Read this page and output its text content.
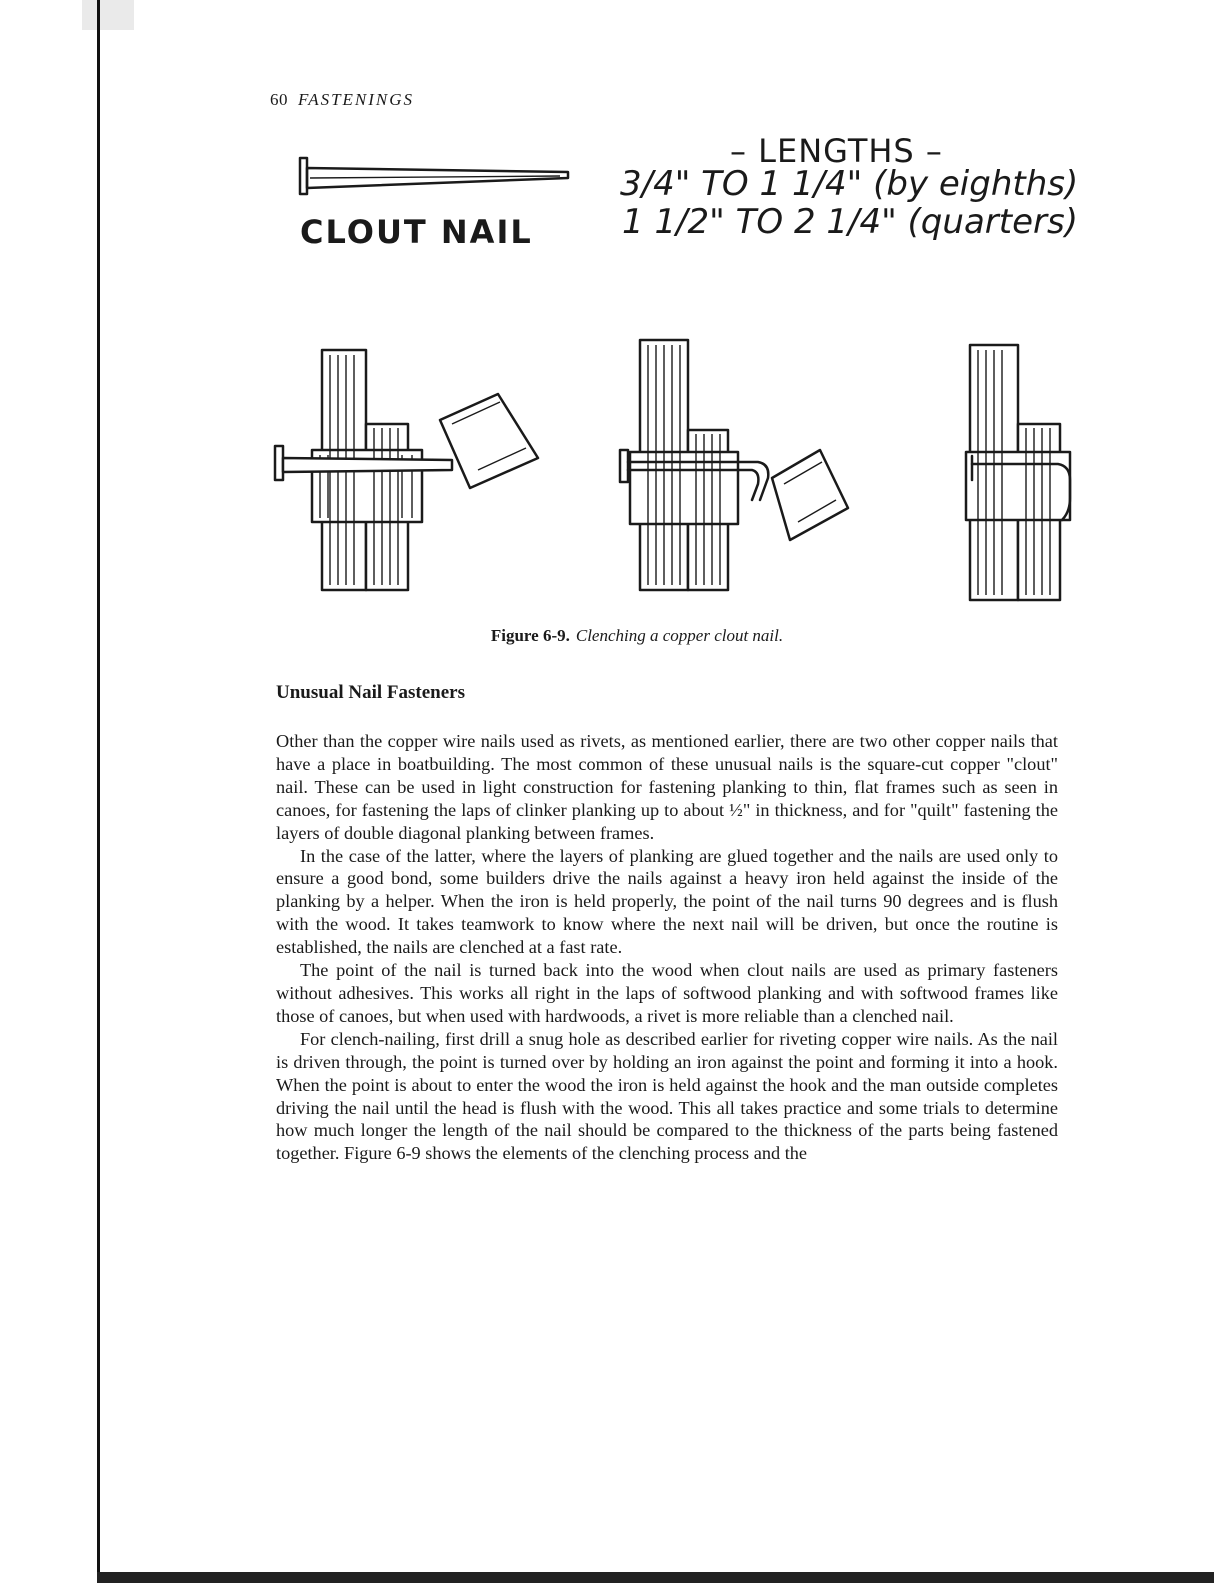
60 FASTENINGS
CLOUT NAIL
– LENGTHS –
3/4" TO 1 1/4" (by eighths)
1 1/2" TO 2 1/4" (quarters)
Figure 6-9. Clenching a copper clout nail.
Unusual Nail Fasteners

Other than the copper wire nails used as rivets, as mentioned earlier, there are two other copper nails that have a place in boatbuilding. The most common of these unusual nails is the square-cut copper "clout" nail. These can be used in light construction for fastening planking to thin, flat frames such as seen in canoes, for fastening the laps of clinker planking up to about ½" in thickness, and for "quilt" fastening the layers of double diagonal planking between frames.

In the case of the latter, where the layers of planking are glued together and the nails are used only to ensure a good bond, some builders drive the nails against a heavy iron held against the inside of the planking by a helper. When the iron is held properly, the point of the nail turns 90 degrees and is flush with the wood. It takes teamwork to know where the next nail will be driven, but once the routine is established, the nails are clenched at a fast rate.

The point of the nail is turned back into the wood when clout nails are used as primary fasteners without adhesives. This works all right in the laps of softwood planking and with softwood frames like those of canoes, but when used with hardwoods, a rivet is more reliable than a clenched nail.

For clench-nailing, first drill a snug hole as described earlier for riveting copper wire nails. As the nail is driven through, the point is turned over by holding an iron against the point and forming it into a hook. When the point is about to enter the wood the iron is held against the hook and the man outside completes driving the nail until the head is flush with the wood. This all takes practice and some trials to determine how much longer the length of the nail should be compared to the thickness of the parts being fastened together. Figure 6-9 shows the elements of the clenching process and the
